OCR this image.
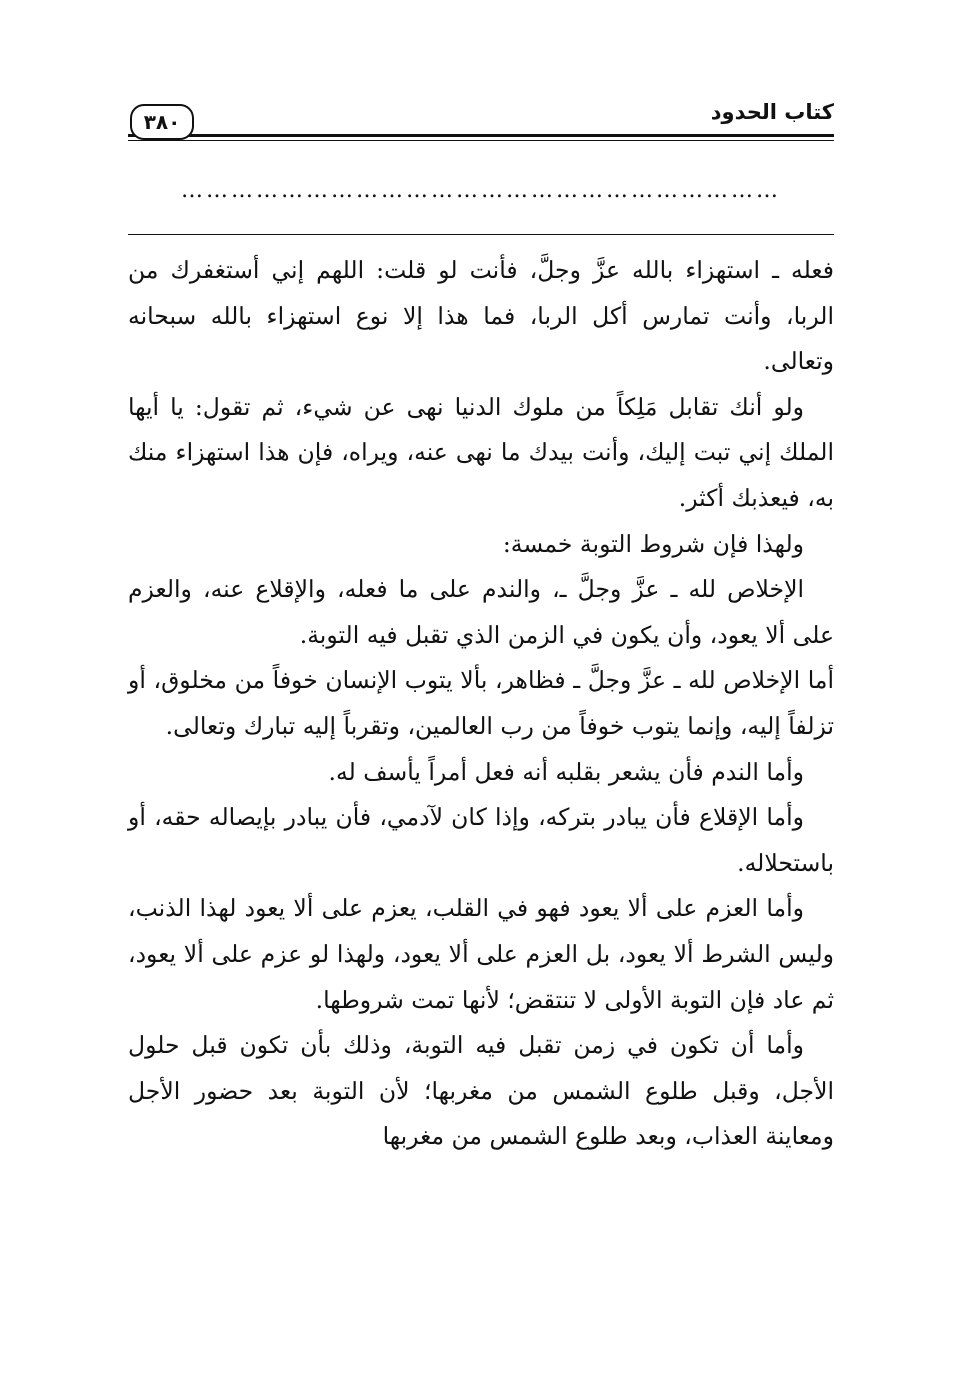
كتاب الحدود
٣٨٠
………………………………………………………………

فعله ـ استهزاء بالله عزَّ وجلَّ، فأنت لو قلت: اللهم إني أستغفرك من الربا، وأنت تمارس أكل الربا، فما هذا إلا نوع استهزاء بالله سبحانه وتعالى.

ولو أنك تقابل مَلِكاً من ملوك الدنيا نهى عن شيء، ثم تقول: يا أيها الملك إني تبت إليك، وأنت بيدك ما نهى عنه، ويراه، فإن هذا استهزاء منك به، فيعذبك أكثر.

ولهذا فإن شروط التوبة خمسة:

الإخلاص لله ـ عزَّ وجلَّ ـ، والندم على ما فعله، والإقلاع عنه، والعزم على ألا يعود، وأن يكون في الزمن الذي تقبل فيه التوبة.

أما الإخلاص لله ـ عزَّ وجلَّ ـ فظاهر، بألا يتوب الإنسان خوفاً من مخلوق، أو تزلفاً إليه، وإنما يتوب خوفاً من رب العالمين، وتقرباً إليه تبارك وتعالى.

وأما الندم فأن يشعر بقلبه أنه فعل أمراً يأسف له.

وأما الإقلاع فأن يبادر بتركه، وإذا كان لآدمي، فأن يبادر بإيصاله حقه، أو باستحلاله.

وأما العزم على ألا يعود فهو في القلب، يعزم على ألا يعود لهذا الذنب، وليس الشرط ألا يعود، بل العزم على ألا يعود، ولهذا لو عزم على ألا يعود، ثم عاد فإن التوبة الأولى لا تنتقض؛ لأنها تمت شروطها.

وأما أن تكون في زمن تقبل فيه التوبة، وذلك بأن تكون قبل حلول الأجل، وقبل طلوع الشمس من مغربها؛ لأن التوبة بعد حضور الأجل ومعاينة العذاب، وبعد طلوع الشمس من مغربها
